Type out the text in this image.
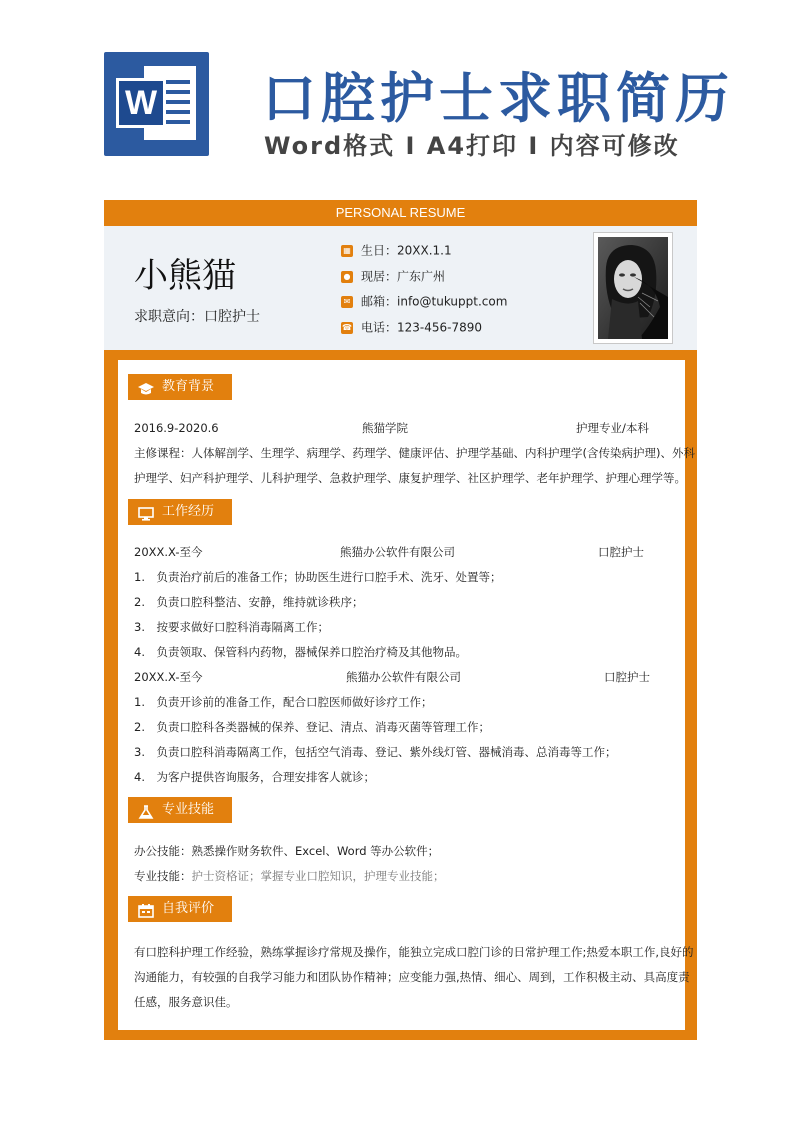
W 口腔护士求职简历
Word格式 I A4打印 I 内容可修改
PERSONAL RESUME
小熊猫
求职意向：口腔护士
▦ 生日：20XX.1.1
● 现居：广东广州
✉ 邮箱：info@tukuppt.com
☎ 电话：123-456-7890
教育背景
2016.9-2020.6	熊猫学院	护理专业/本科
主修课程：人体解剖学、生理学、病理学、药理学、健康评估、护理学基础、内科护理学(含传染病护理)、外科
护理学、妇产科护理学、儿科护理学、急救护理学、康复护理学、社区护理学、老年护理学、护理心理学等。
工作经历
20XX.X-至今	熊猫办公软件有限公司	口腔护士
1.　负责治疗前后的准备工作；协助医生进行口腔手术、洗牙、处置等；
2.　负责口腔科整洁、安静，维持就诊秩序；
3.　按要求做好口腔科消毒隔离工作；
4.　负责领取、保管科内药物，器械保养口腔治疗椅及其他物品。
20XX.X-至今	熊猫办公软件有限公司	口腔护士
1.　负责开诊前的准备工作，配合口腔医师做好诊疗工作；
2.　负责口腔科各类器械的保养、登记、清点、消毒灭菌等管理工作；
3.　负责口腔科消毒隔离工作，包括空气消毒、登记、紫外线灯管、器械消毒、总消毒等工作；
4.　为客户提供咨询服务，合理安排客人就诊；
专业技能
办公技能：熟悉操作财务软件、Excel、Word 等办公软件；
专业技能：护士资格证；掌握专业口腔知识，护理专业技能；
自我评价
有口腔科护理工作经验，熟练掌握诊疗常规及操作，能独立完成口腔门诊的日常护理工作;热爱本职工作,良好的
沟通能力，有较强的自我学习能力和团队协作精神；应变能力强,热情、细心、周到，工作积极主动、具高度责
任感，服务意识佳。
